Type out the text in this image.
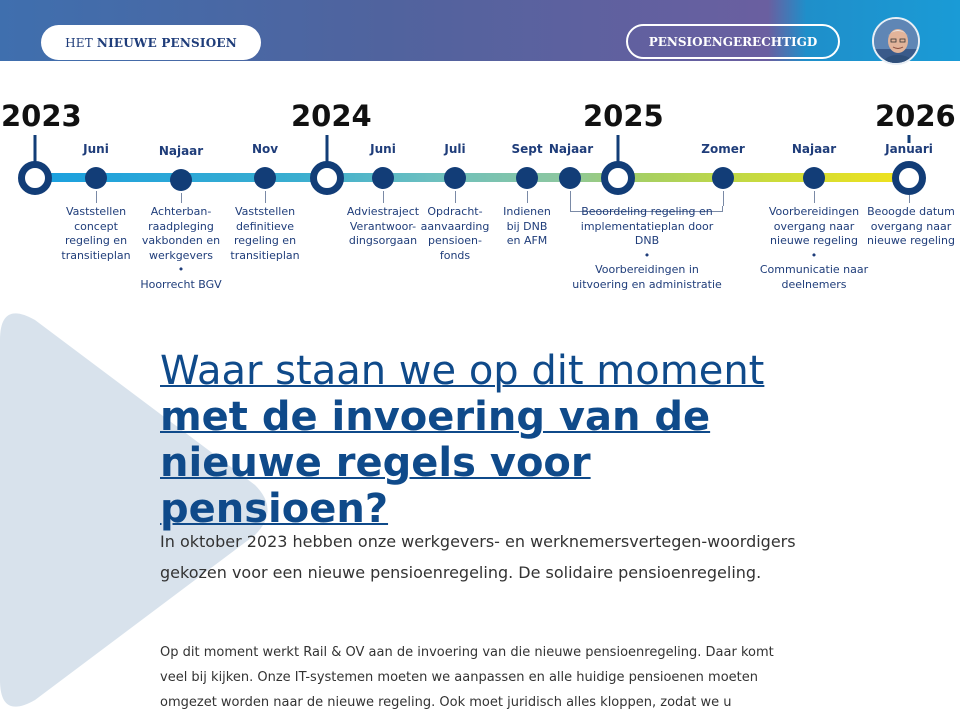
HET NIEUWE PENSIOEN	PENSIOENGERECHTIGD
2023	2024	2025	2026
Juni	Najaar	Nov	Juni	Juli	Sept Najaar	Zomer	Najaar	Januari
Vaststellen
concept
regeling en
transitieplan
Achterban-
raadpleging
vakbonden en
werkgevers
•
Hoorrecht BGV
Vaststellen
definitieve
regeling en
transitieplan
Adviestraject
Verantwoor-
dingsorgaan
Opdracht-
aanvaarding
pensioen-
fonds
Indienen
bij DNB
en AFM
Beoordeling regeling en
implementatieplan door
DNB
•
Voorbereidingen in
uitvoering en administratie
Voorbereidingen
overgang naar
nieuwe regeling
•
Communicatie naar
deelnemers
Beoogde datum
overgang naar
nieuwe regeling
Waar staan we op dit moment
met de invoering van de
nieuwe regels voor pensioen?

In oktober 2023 hebben onze werkgevers- en werknemersvertegen-woordigers gekozen voor een nieuwe pensioenregeling. De solidaire pensioenregeling.

Op dit moment werkt Rail & OV aan de invoering van die nieuwe pensioenregeling. Daar komt veel bij kijken. Onze IT-systemen moeten we aanpassen en alle huidige pensioenen moeten omgezet worden naar de nieuwe regeling. Ook moet juridisch alles kloppen, zodat we u
